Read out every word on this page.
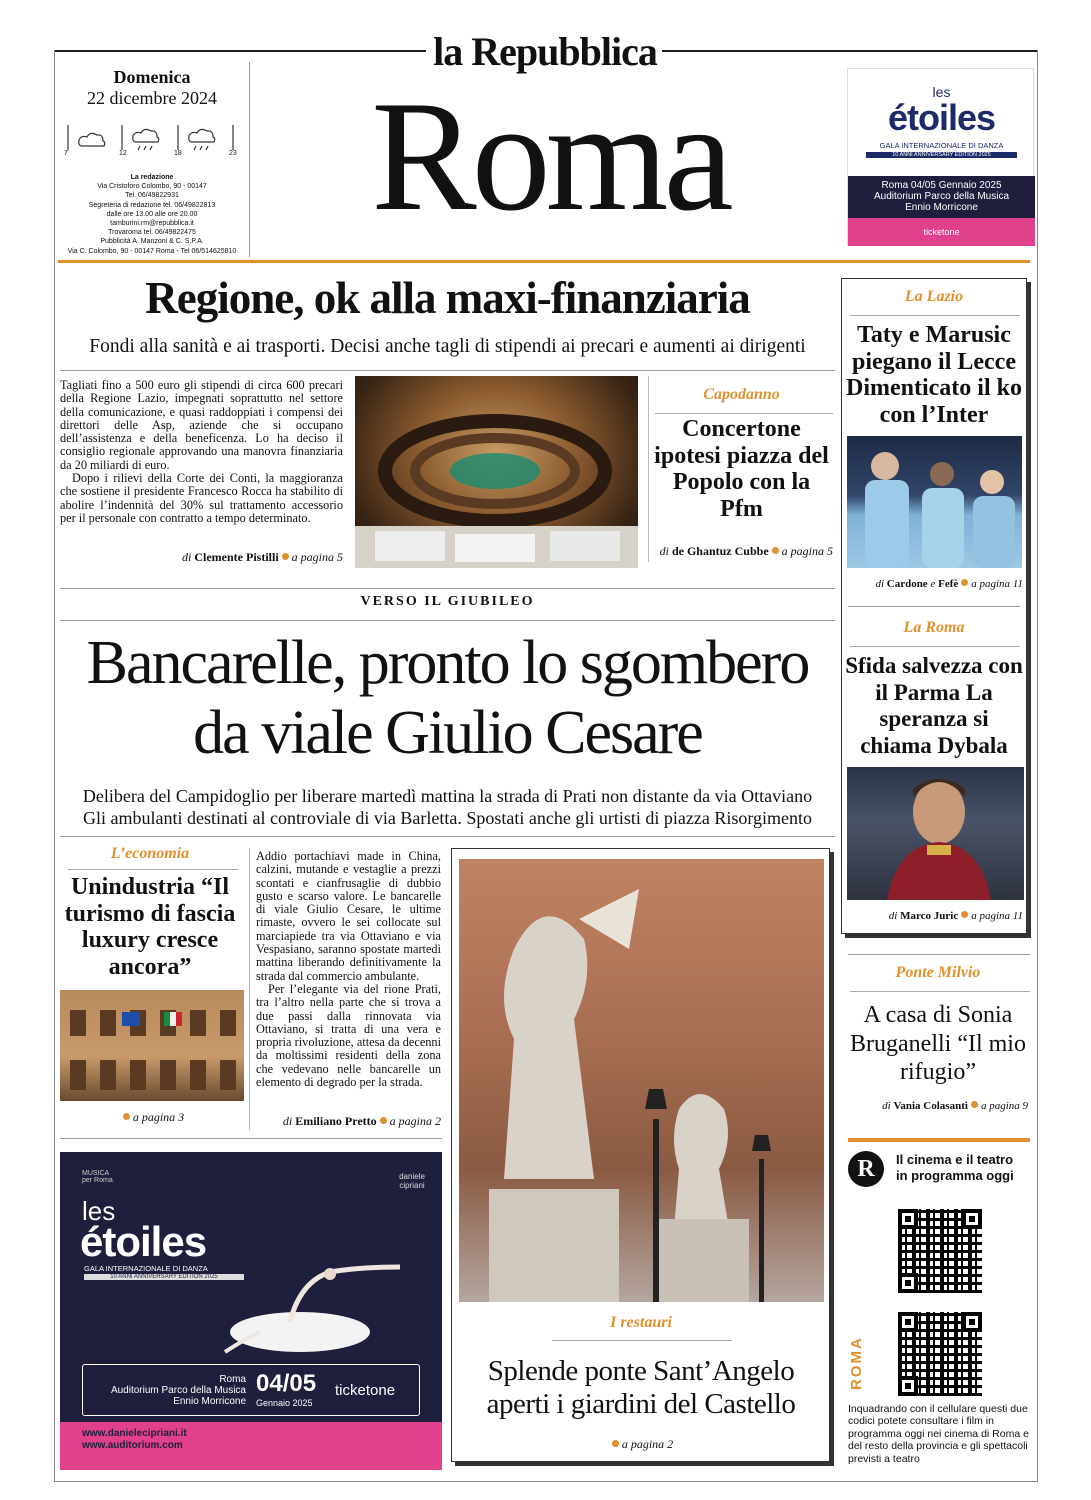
la Repubblica
Domenica
22 dicembre 2024
7	12	18	23
La redazione
Via Cristoforo Colombo, 90 - 00147
Tel. 06/49822931
Segreteria di redazione tel. 06/49822813
dalle ore 13.00 alle ore 20.00
tamburini.rm@repubblica.it
Trovaroma tel. 06/49822475
Pubblicità A. Manzoni & C. S.P.A.
Via C. Colombo, 90 - 00147 Roma - Tel 06/514625810
Roma	les
étoiles
GALA INTERNAZIONALE DI DANZA
10 ANNI ANNIVERSARY EDITION 2025
Roma 04/05 Gennaio 2025
Auditorium Parco della Musica
Ennio Morricone
ticketone
Regione, ok alla maxi-finanziaria
Fondi alla sanità e ai trasporti. Decisi anche tagli di stipendi ai precari e aumenti ai dirigenti

Tagliati fino a 500 euro gli stipendi di circa 600 precari della Regione Lazio, impegnati soprattutto nel settore della comunicazione, e quasi raddoppiati i compensi dei direttori delle Asp, aziende che si occupano dell’assistenza e della beneficenza. Lo ha deciso il consiglio regionale approvando una manovra finanziaria da 20 miliardi di euro.

Dopo i rilievi della Corte dei Conti, la maggioranza che sostiene il presidente Francesco Rocca ha stabilito di abolire l’indennità del 30% sul trattamento accessorio per il personale con contratto a tempo determinato.

di Clemente Pistilli a pagina 5
Capodanno
Concertone ipotesi piazza del Popolo con la Pfm
di de Ghantuz Cubbe a pagina 5
La Lazio
Taty e Marusic piegano il Lecce Dimenticato il ko con l’Inter
di Cardone e Fefè a pagina 11
La Roma
Sfida salvezza con il Parma La speranza si chiama Dybala
di Marco Juric a pagina 11
VERSO IL GIUBILEO
Bancarelle, pronto lo sgombero
da viale Giulio Cesare
Delibera del Campidoglio per liberare martedì mattina la strada di Prati non distante da via Ottaviano
Gli ambulanti destinati al controviale di via Barletta. Spostati anche gli urtisti di piazza Risorgimento
L’economia
Unindustria “Il turismo di fascia luxury cresce ancora”
a pagina 3

Addio portachiavi made in China, calzini, mutande e vestaglie a prezzi scontati e cianfrusaglie di dubbio gusto e scarso valore. Le bancarelle di viale Giulio Cesare, le ultime rimaste, ovvero le sei collocate sul marciapiede tra via Ottaviano e via Vespasiano, saranno spostate martedì mattina liberando definitivamente la strada dal commercio ambulante.

Per l’elegante via del rione Prati, tra l’altro nella parte che si trova a due passi dalla rinnovata via Ottaviano, si tratta di una vera e propria rivoluzione, attesa da decenni da moltissimi residenti della zona che vedevano nelle bancarelle un elemento di degrado per la strada.

di Emiliano Pretto a pagina 2
I restauri
Splende ponte Sant’Angelo
aperti i giardini del Castello
a pagina 2
MUSICA
per Roma	daniele cipriani
les
étoiles
GALA INTERNAZIONALE DI DANZA
10 ANNI ANNIVERSARY EDITION 2025
Roma
Auditorium Parco della Musica
Ennio Morricone
04/05
Gennaio 2025
ticketone
www.danielecipriani.it
www.auditorium.com
Ponte Milvio
A casa di Sonia Bruganelli “Il mio rifugio”
di Vania Colasanti a pagina 9
R	Il cinema e il teatro
in programma oggi
ROMA
Inquadrando con il cellulare questi due codici potete consultare i film in programma oggi nei cinema di Roma e del resto della provincia e gli spettacoli previsti a teatro
